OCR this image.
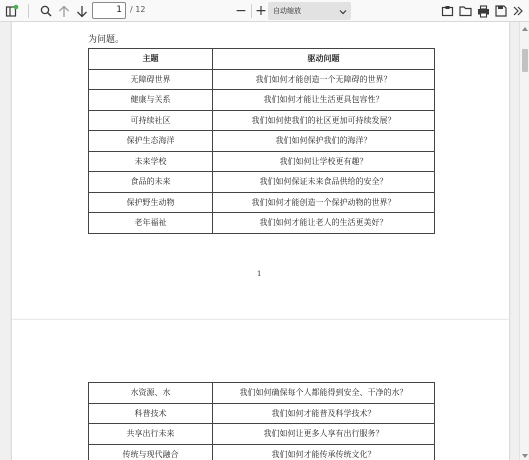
1	/ 12	− + 自动缩放
为问题。
主题	驱动问题
无障碍世界	我们如何才能创造一个无障碍的世界？
健康与关系	我们如何才能让生活更具包容性？
可持续社区	我们如何使我们的社区更加可持续发展？
保护生态海洋	我们如何保护我们的海洋？
未来学校	我们如何让学校更有趣？
食品的未来	我们如何保证未来食品供给的安全？
保护野生动物	我们如何才能创造一个保护动物的世界？
老年福祉	我们如何才能让老人的生活更美好？
1
水资源、水	我们如何确保每个人都能得到安全、干净的水？
科普技术	我们如何才能普及科学技术？
共享出行未来	我们如何让更多人享有出行服务？
传统与现代融合	我们如何才能传承传统文化？
